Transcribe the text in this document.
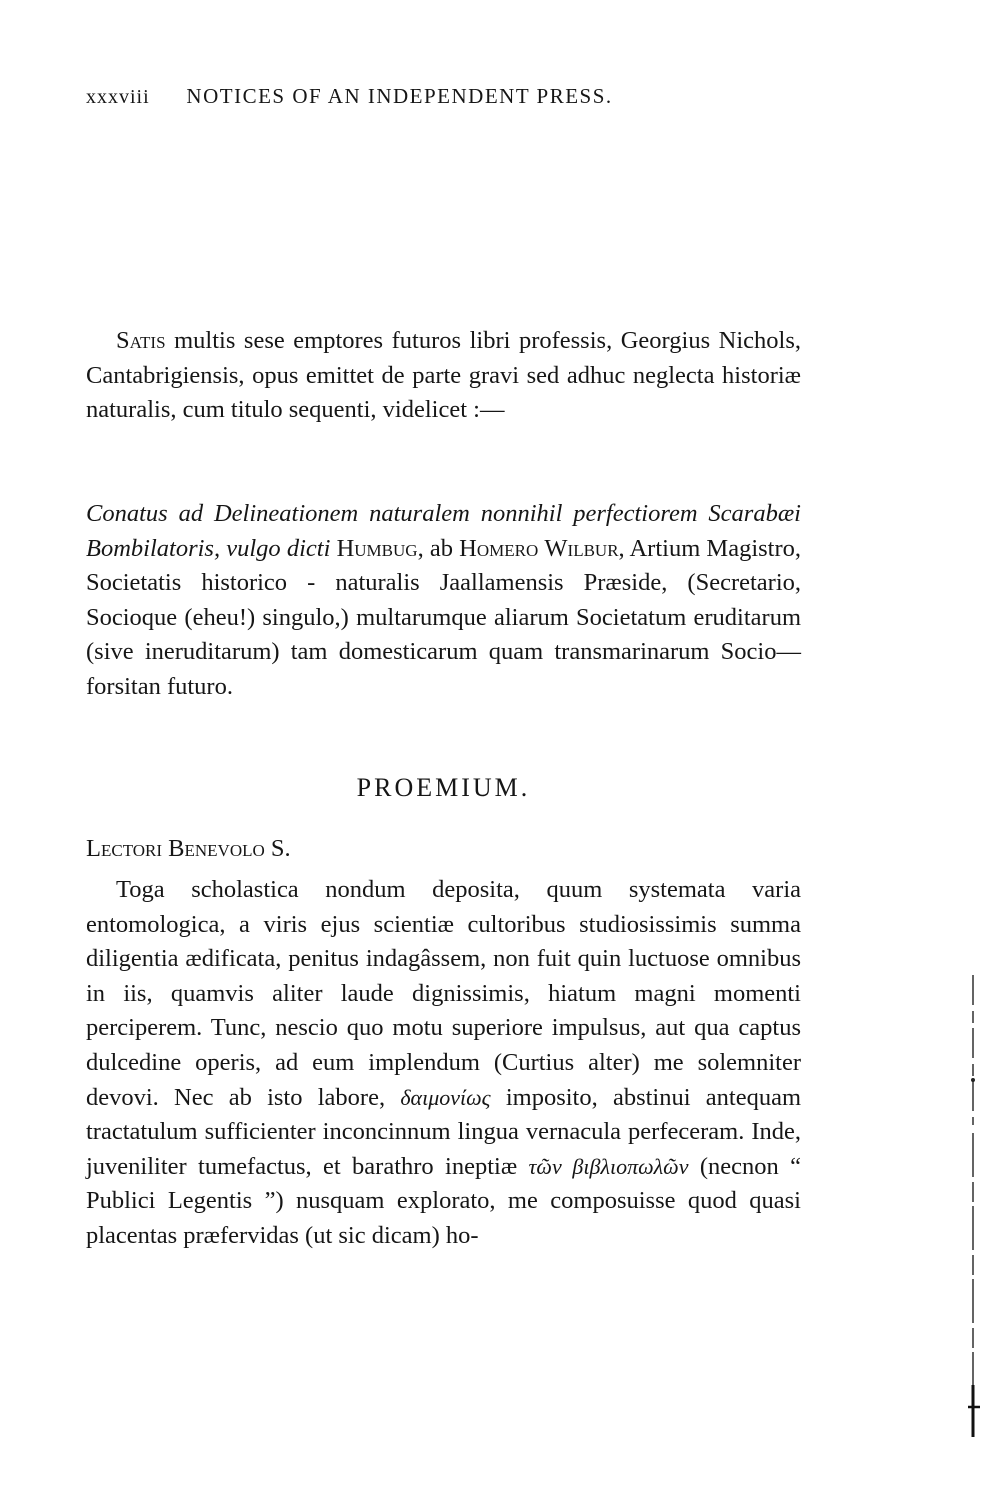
xxxviii NOTICES OF AN INDEPENDENT PRESS.
Satis multis sese emptores futuros libri professis, Georgius Nichols, Cantabrigiensis, opus emittet de parte gravi sed adhuc neglecta historiæ naturalis, cum titulo sequenti, videlicet :—
Conatus ad Delineationem naturalem nonnihil perfectiorem Scarabæi Bombilatoris, vulgo dicti Humbug, ab Homero Wilbur, Artium Magistro, Societatis historico - naturalis Jaallamensis Præside, (Secretario, Socioque (eheu!) singulo,) multarumque aliarum Societatum eruditarum (sive ineruditarum) tam domesticarum quam transmarinarum Socio—forsitan futuro.
PROEMIUM.
Lectori Benevolo S.
Toga scholastica nondum deposita, quum systemata varia entomologica, a viris ejus scientiæ cultoribus studiosissimis summa diligentia ædificata, penitus indagâssem, non fuit quin luctuose omnibus in iis, quamvis aliter laude dignissimis, hiatum magni momenti perciperem. Tunc, nescio quo motu superiore impulsus, aut qua captus dulcedine operis, ad eum implendum (Curtius alter) me solemniter devovi. Nec ab isto labore, δαιμονίως imposito, abstinui antequam tractatulum sufficienter inconcinnum lingua vernacula perfeceram. Inde, juveniliter tumefactus, et barathro ineptiæ τῶν βιβλιοπωλῶν (necnon “ Publici Legentis ”) nusquam explorato, me composuisse quod quasi placentas præfervidas (ut sic dicam) ho-
